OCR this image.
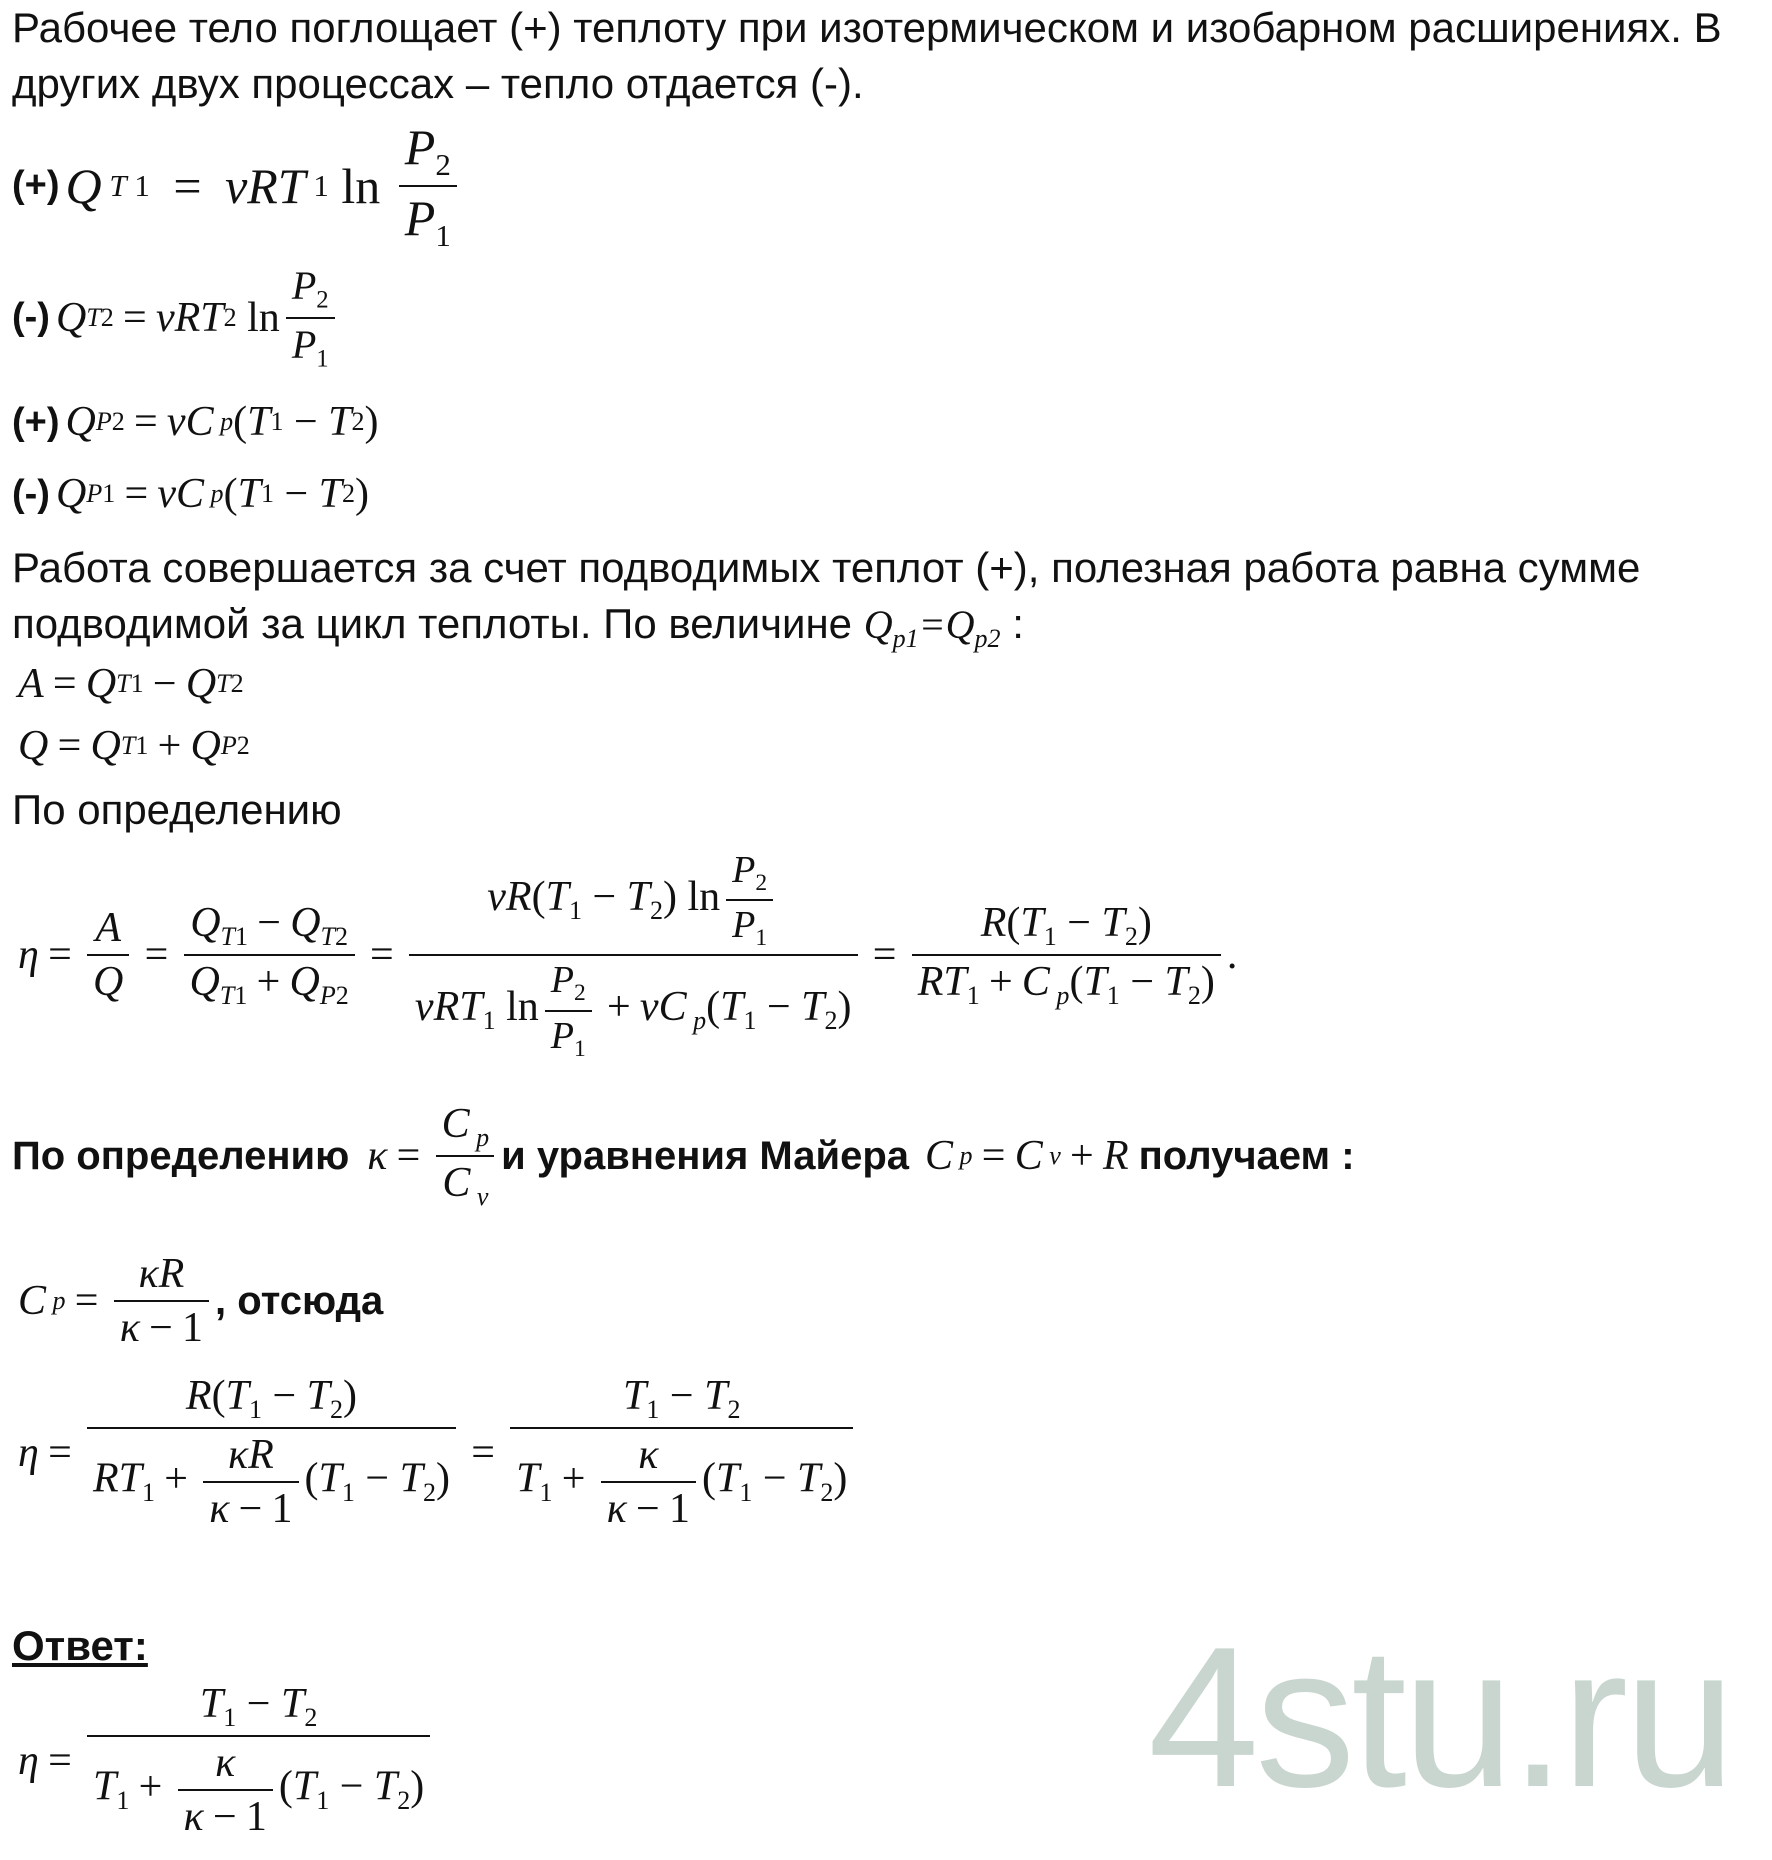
Рабочее тело поглощает (+) теплоту при изотермическом и изобарном расширениях. В
других двух процессах – тепло отдается (-).
(+) Q T 1 = νRT 1 $\ln \frac{P_2}{P_1}$
(-) Q T2 = νRT 2 $\ln \frac{P_2}{P_1}$
(+) Q P2 = νC p ( T 1 − T 2 )
(-) Q P1 = νC p ( T 1 − T 2 )
Работа совершается за счет подводимых теплот (+), полезная работа равна сумме
подводимой за цикл теплоты. По величине $Q_{p1}=Q_{p2}$ :
A = Q T1 − Q T2
Q = Q T1 + Q P2
По определению
$\eta = \frac{A}{Q} = \frac{Q_{T1} - Q_{T2}}{Q_{T1} + Q_{P2}} = \frac{\nu R(T_1 - T_2) \ln \frac{P_2}{P_1}}{\nu RT_1 \ln \frac{P_2}{P_1} + \nu C _p(T_1 - T_2)} = \frac{R(T_1 - T_2)}{RT_1 + C _p(T_1 - T_2)}$ .
По определению $\kappa = \frac{C _p}{C _v}$ и уравнения Майера C p = C v + R получаем :
C $p = \frac{\kappa R}{\kappa - 1}$ , отсюда
$\eta = \frac{R(T_1 - T_2)}{RT_1 + \frac{\kappa R}{\kappa - 1} (T_1 - T_2)} = \frac{T_1 - T_2}{T_1 + \frac{\kappa}{\kappa - 1} (T_1 - T_2)}$
Ответ:
$\eta = \frac{T_1 - T_2}{T_1 + \frac{\kappa}{\kappa - 1} (T_1 - T_2)}$	4stu.ru
